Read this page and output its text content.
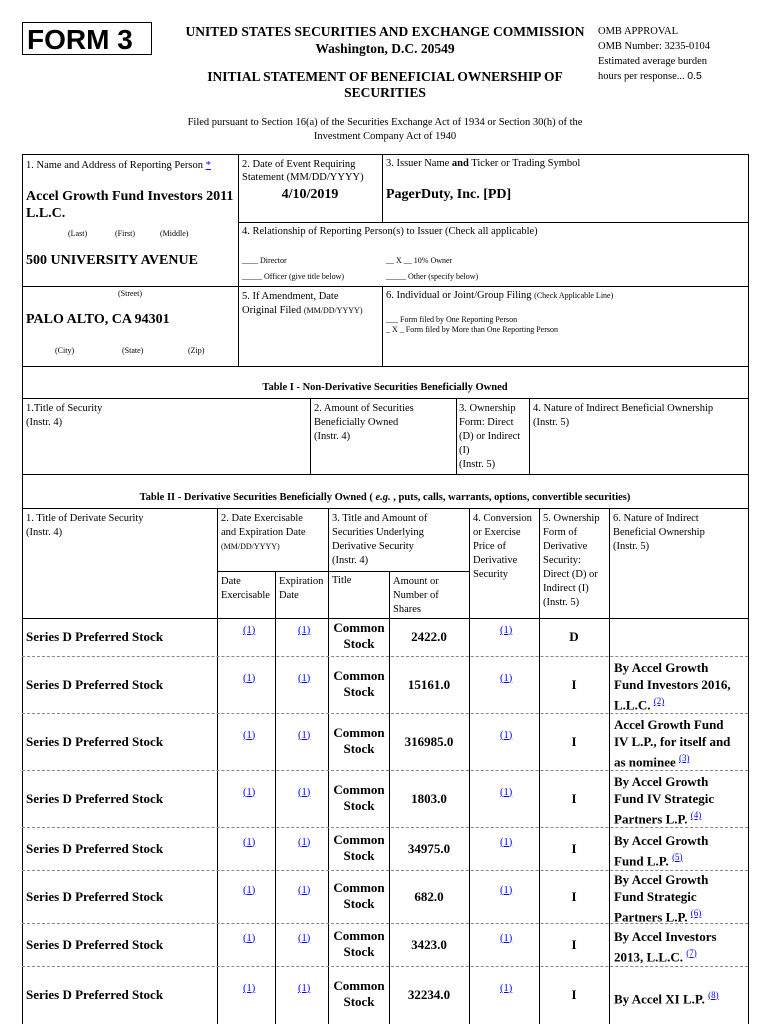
FORM 3	UNITED STATES SECURITIES AND EXCHANGE COMMISSION
Washington, D.C. 20549
INITIAL STATEMENT OF BENEFICIAL OWNERSHIP OF
SECURITIES
OMB APPROVAL
OMB Number: 3235-0104
Estimated average burden
hours per response... 0.5
Filed pursuant to Section 16(a) of the Securities Exchange Act of 1934 or Section 30(h) of the
Investment Company Act of 1940
1. Name and Address of Reporting Person *
Accel Growth Fund Investors 2011
L.L.C.
(Last)	(First)	(Middle)
500 UNIVERSITY AVENUE
(Street)
PALO ALTO, CA 94301
(City)	(State)	(Zip)
2. Date of Event Requiring
Statement (MM/DD/YYYY)
4/10/2019
3. Issuer Name and Ticker or Trading Symbol
PagerDuty, Inc. [PD]
4. Relationship of Reporting Person(s) to Issuer (Check all applicable)
____ Director	__ X __ 10% Owner
_____ Officer (give title below)	_____ Other (specify below)
5. If Amendment, Date
Original Filed (MM/DD/YYYY)
6. Individual or Joint/Group Filing (Check Applicable Line)
___ Form filed by One Reporting Person
_ X _ Form filed by More than One Reporting Person
Table I - Non-Derivative Securities Beneficially Owned
1.Title of Security
(Instr. 4)
2. Amount of Securities
Beneficially Owned
(Instr. 4)
3. Ownership
Form: Direct
(D) or Indirect
(I)
(Instr. 5)
4. Nature of Indirect Beneficial Ownership
(Instr. 5)
Table II - Derivative Securities Beneficially Owned ( e.g. , puts, calls, warrants, options, convertible securities)
1. Title of Derivate Security
(Instr. 4)
2. Date Exercisable
and Expiration Date
(MM/DD/YYYY)
3. Title and Amount of
Securities Underlying
Derivative Security
(Instr. 4)
4. Conversion
or Exercise
Price of
Derivative
Security
5. Ownership
Form of
Derivative
Security:
Direct (D) or
Indirect (I)
(Instr. 5)
6. Nature of Indirect
Beneficial Ownership
(Instr. 5)
Date
Exercisable
Expiration
Date
Title	Amount or
Number of
Shares
Series D Preferred Stock	(1)	(1)	Common
Stock	2422.0	(1)	D
Series D Preferred Stock	(1)	(1)	Common
Stock	15161.0	(1)	I
By Accel Growth
Fund Investors 2016,
L.L.C. $^{(2)}$
Series D Preferred Stock	(1)	(1)	Common
Stock	316985.0	(1)	I
Accel Growth Fund
IV L.P., for itself and
as nominee $^{(3)}$
Series D Preferred Stock	(1)	(1)	Common
Stock	1803.0	(1)	I
By Accel Growth
Fund IV Strategic
Partners L.P. $^{(4)}$
Series D Preferred Stock	(1)	(1)	Common
Stock	34975.0	(1)	I
By Accel Growth
Fund L.P. $^{(5)}$
Series D Preferred Stock	(1)	(1)	Common
Stock	682.0	(1)	I
By Accel Growth
Fund Strategic
Partners L.P. $^{(6)}$
Series D Preferred Stock	(1)	(1)	Common
Stock	3423.0	(1)	I
By Accel Investors
2013, L.L.C. $^{(7)}$
Series D Preferred Stock	(1)	(1)	Common
Stock	32234.0	(1)	I	By Accel XI L.P. $^{(8)}$
